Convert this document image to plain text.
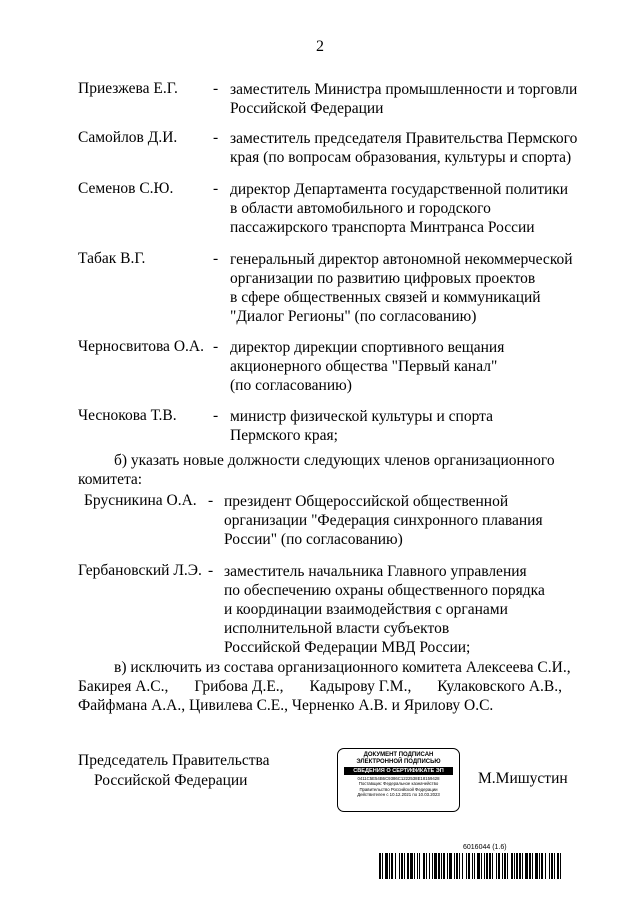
2
Приезжева Е.Г. - заместитель Министра промышленности и торговли
Российской Федерации
Самойлов Д.И. - заместитель председателя Правительства Пермского
края (по вопросам образования, культуры и спорта)
Семенов С.Ю.	- директор Департамента государственной политики
в области автомобильного и городского
пассажирского транспорта Минтранса России
Табак В.Г.	- генеральный директор автономной некоммерческой
организации по развитию цифровых проектов
в сфере общественных связей и коммуникаций
"Диалог Регионы" (по согласованию)
Черносвитова О.А. - директор дирекции спортивного вещания
акционерного общества "Первый канал"
(по согласованию)
Чеснокова Т.В. - министр физической культуры и спорта
Пермского края;
б) указать новые должности следующих членов организационного
комитета:
Брусникина О.А. - президент Общероссийской общественной
организации "Федерация синхронного плавания
России" (по согласованию)
Гербановский Л.Э. - заместитель начальника Главного управления
по обеспечению охраны общественного порядка
и координации взаимодействия с органами
исполнительной власти субъектов
Российской Федерации МВД России;
в) исключить из состава организационного комитета Алексеева С.И.,
Бакирея А.С., Грибова Д.Е., Кадырову Г.М., Кулаковского А.В.,
Файфмана А.А., Цивилева С.Е., Черненко А.В. и Ярилову О.С.
Председатель Правительства
Российской Федерации
ДОКУМЕНТ ПОДПИСАН
ЭЛЕКТРОННОЙ ПОДПИСЬЮ
СВЕДЕНИЯ О СЕРТИФИКАТЕ ЭП
0411C5E54B6C9386C1222538E18159428
Поставщик: Федеральное казначейство
Правительство Российской Федерации
Действителен с 10.12.2021 по 10.03.2023
М.Мишустин
6016044 (1.6)
